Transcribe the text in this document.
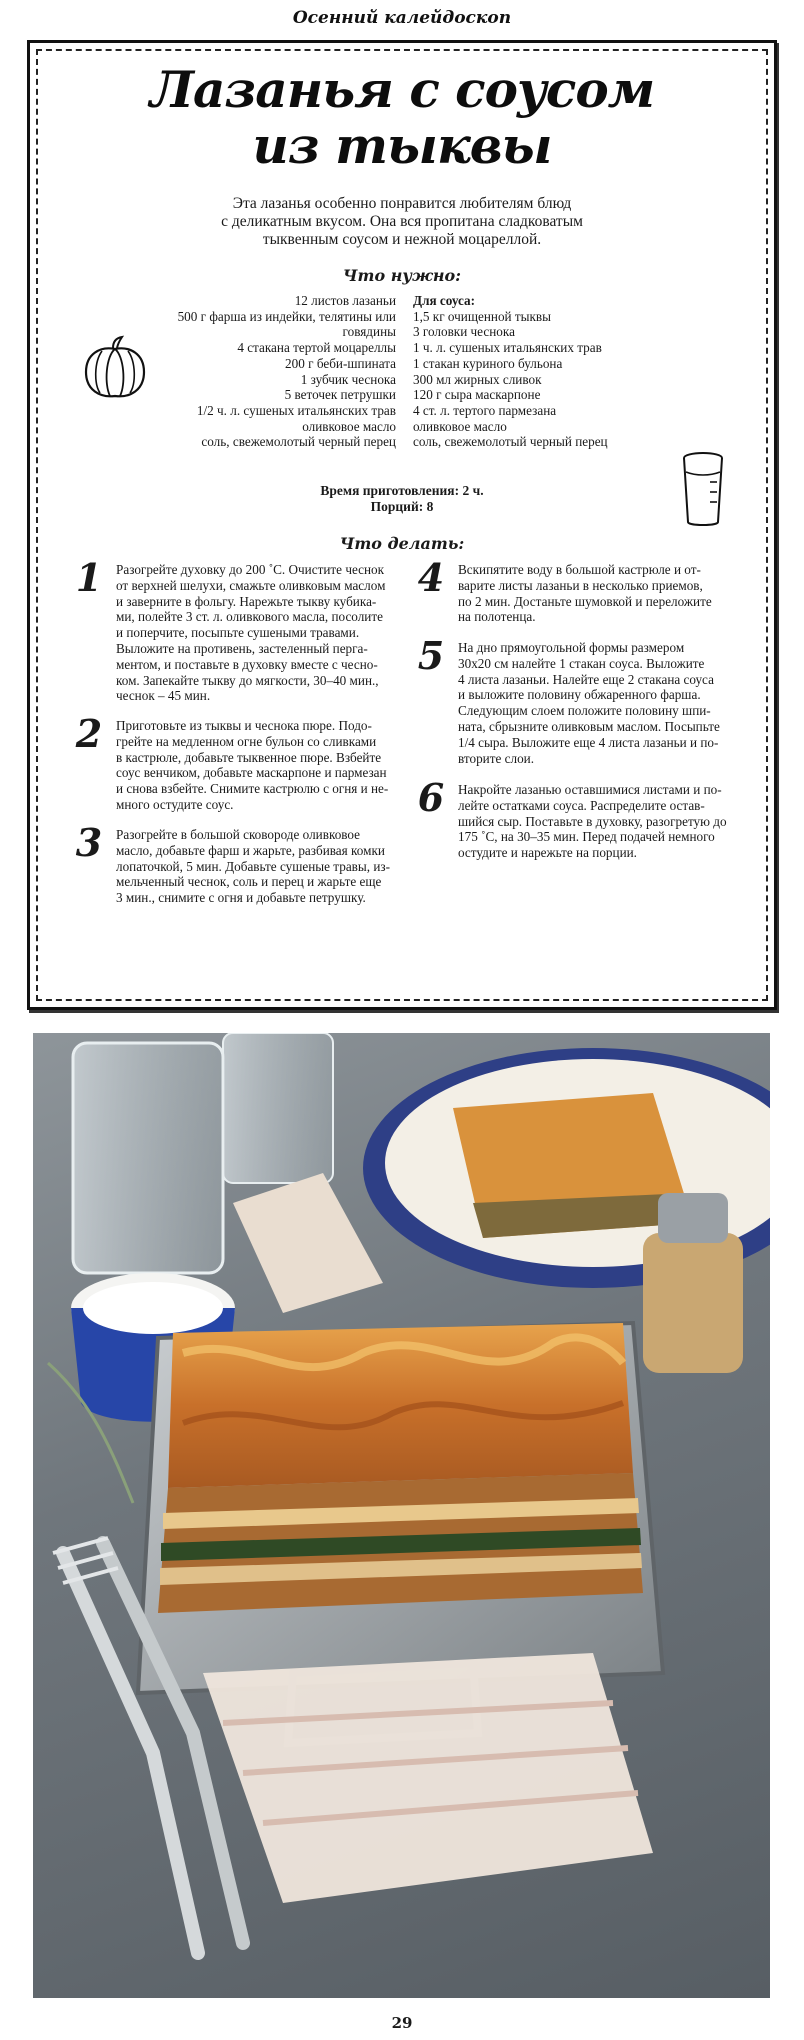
Осенний калейдоскоп
Лазанья с соусом
из тыквы
Эта лазанья особенно понравится любителям блюд
с деликатным вкусом. Она вся пропитана сладковатым
тыквенным соусом и нежной моцареллой.
Что нужно:
12 листов лазаньи
500 г фарша из индейки, телятины или
говядины
4 стакана тертой моцареллы
200 г беби-шпината
1 зубчик чеснока
5 веточек петрушки
1/2 ч. л. сушеных итальянских трав
оливковое масло
соль, свежемолотый черный перец
Для соуса:
1,5 кг очищенной тыквы
3 головки чеснока
1 ч. л. сушеных итальянских трав
1 стакан куриного бульона
300 мл жирных сливок
120 г сыра маскарпоне
4 ст. л. тертого пармезана
оливковое масло
соль, свежемолотый черный перец
Время приготовления: 2 ч.
Порций: 8
Что делать:
1	Разогрейте духовку до 200 ˚С. Очистите чеснок
от верхней шелухи, смажьте оливковым маслом
и заверните в фольгу. Нарежьте тыкву кубика-
ми, полейте 3 ст. л. оливкового масла, посолите
и поперчите, посыпьте сушеными травами.
Выложите на противень, застеленный перга-
ментом, и поставьте в духовку вместе с чесно-
ком. Запекайте тыкву до мягкости, 30–40 мин.,
чеснок – 45 мин.
2	Приготовьте из тыквы и чеснока пюре. Подо-
грейте на медленном огне бульон со сливками
в кастрюле, добавьте тыквенное пюре. Взбейте
соус венчиком, добавьте маскарпоне и пармезан
и снова взбейте. Снимите кастрюлю с огня и не-
много остудите соус.
3	Разогрейте в большой сковороде оливковое
масло, добавьте фарш и жарьте, разбивая комки
лопаточкой, 5 мин. Добавьте сушеные травы, из-
мельченный чеснок, соль и перец и жарьте еще
3 мин., снимите с огня и добавьте петрушку.
4	Вскипятите воду в большой кастрюле и от-
варите листы лазаньи в несколько приемов,
по 2 мин. Достаньте шумовкой и переложите
на полотенца.
5	На дно прямоугольной формы размером
30x20 см налейте 1 стакан соуса. Выложите
4 листа лазаньи. Налейте еще 2 стакана соуса
и выложите половину обжаренного фарша.
Следующим слоем положите половину шпи-
ната, сбрызните оливковым маслом. Посыпьте
1/4 сыра. Выложите еще 4 листа лазаньи и по-
вторите слои.
6	Накройте лазанью оставшимися листами и по-
лейте остатками соуса. Распределите остав-
шийся сыр. Поставьте в духовку, разогретую до
175 ˚С, на 30–35 мин. Перед подачей немного
остудите и нарежьте на порции.
29
